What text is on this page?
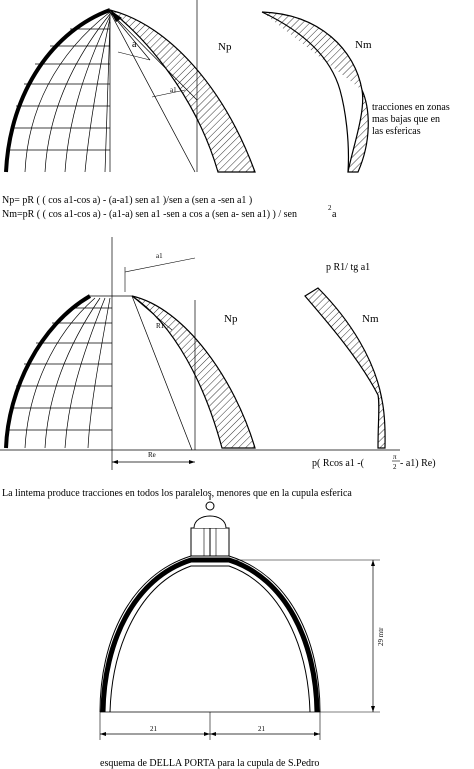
a
a1
Np	Nm
tracciones en zonas
mas bajas que en
las esfericas
Np= pR ( ( cos a1-cos a) - (a-a1) sen a1 )/sen a (sen a -sen a1 )
Nm=pR ( ( cos a1-cos a) - (a1-a) sen a1 -sen a cos a (sen a- sen a1) ) / sen
2
a
a1
R1
Np	Nm
Re
p R1/ tg a1
p( Rcos a1 -(
π
2 - a1) Re)
La lintema produce tracciones en todos los paralelos, menores que en la cupula esferica
29 mtr
21	21
esquema de DELLA PORTA para la cupula de S.Pedro
